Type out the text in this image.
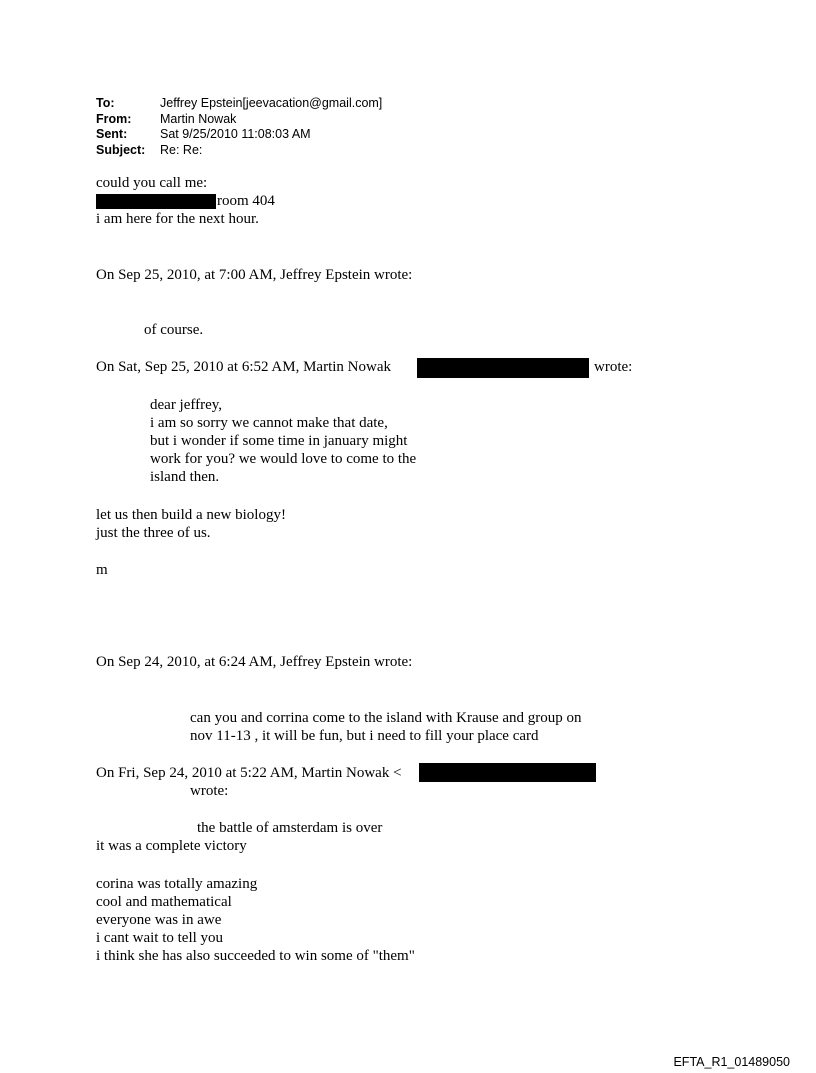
To:	Jeffrey Epstein[jeevacation@gmail.com]
From:	Martin Nowak
Sent:	Sat 9/25/2010 11:08:03 AM
Subject:	Re: Re:
could you call me:
room 404
i am here for the next hour.
On Sep 25, 2010, at 7:00 AM, Jeffrey Epstein wrote:
of course.
On Sat, Sep 25, 2010 at 6:52 AM, Martin Nowak	wrote:
dear jeffrey,
i am so sorry we cannot make that date,
but i wonder if some time in january might
work for you? we would love to come to the
island then.
let us then build a new biology!
just the three of us.
m
On Sep 24, 2010, at 6:24 AM, Jeffrey Epstein wrote:
can you and corrina come to the island with Krause and group on
nov 11-13 , it will be fun, but i need to fill your place card
On Fri, Sep 24, 2010 at 5:22 AM, Martin Nowak <
wrote:
the battle of amsterdam is over
it was a complete victory
corina was totally amazing
cool and mathematical
everyone was in awe
i cant wait to tell you
i think she has also succeeded to win some of "them"
EFTA_R1_01489050
